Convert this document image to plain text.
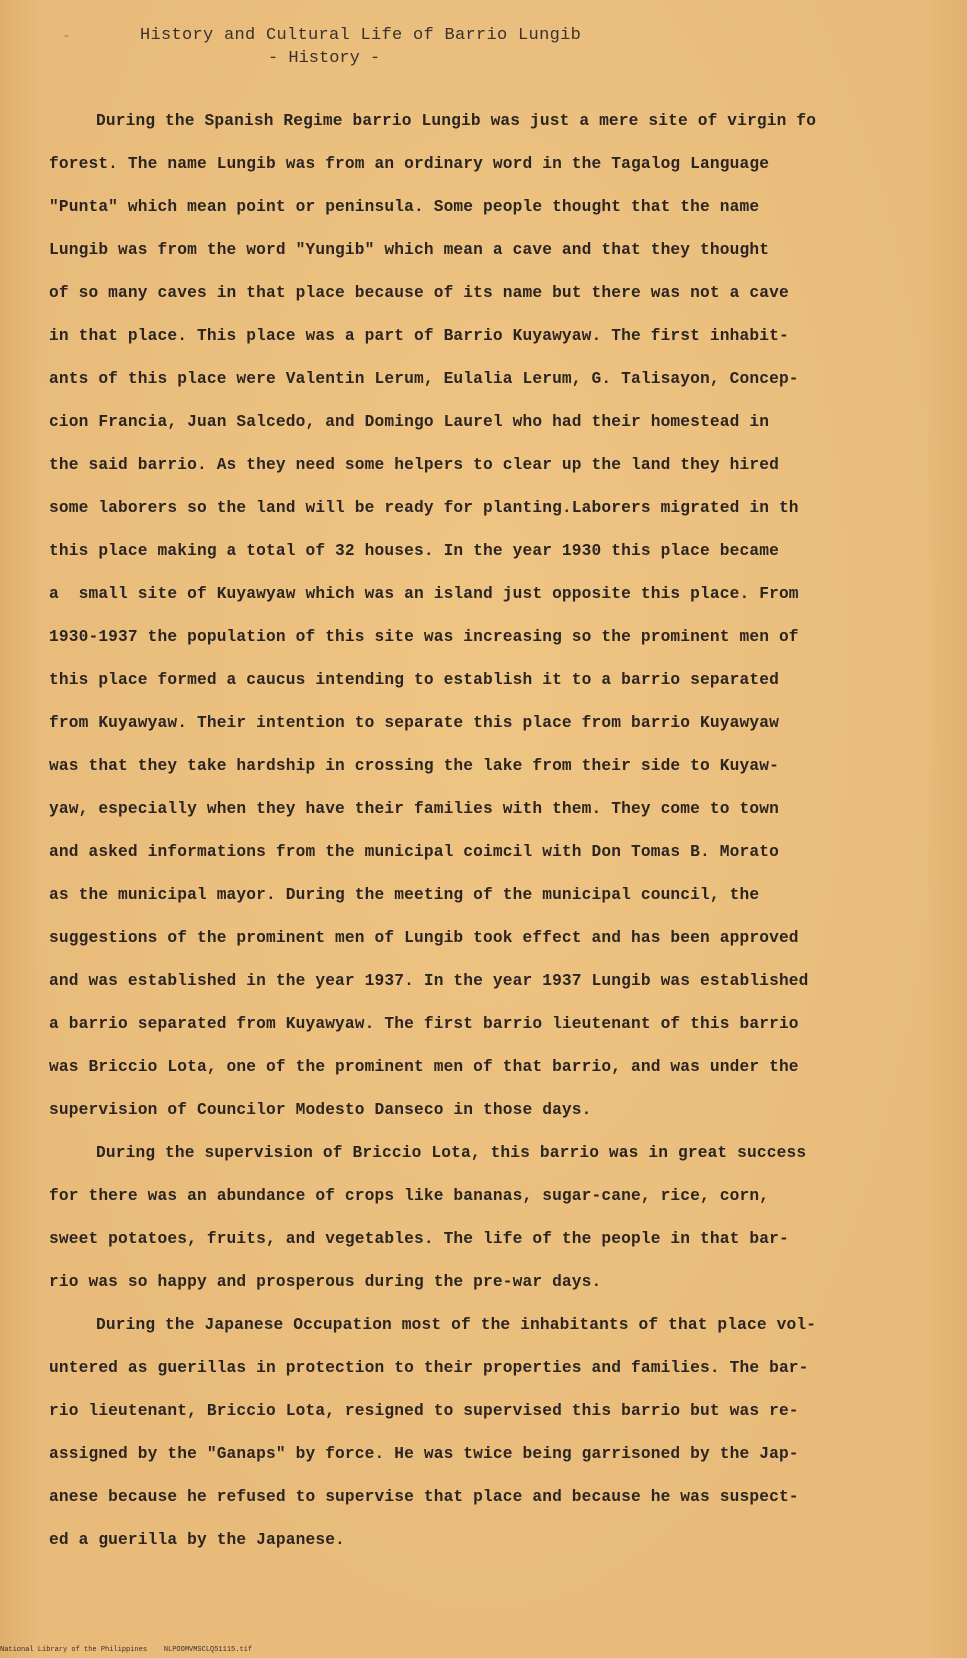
-	History and Cultural Life of Barrio Lungib
- History -
During the Spanish Regime barrio Lungib was just a mere site of virgin fo
forest. The name Lungib was from an ordinary word in the Tagalog Language
"Punta" which mean point or peninsula. Some people thought that the name
Lungib was from the word "Yungib" which mean a cave and that they thought
of so many caves in that place because of its name but there was not a cave
in that place. This place was a part of Barrio Kuyawyaw. The first inhabit-
ants of this place were Valentin Lerum, Eulalia Lerum, G. Talisayon, Concep-
cion Francia, Juan Salcedo, and Domingo Laurel who had their homestead in
the said barrio. As they need some helpers to clear up the land they hired
some laborers so the land will be ready for planting.Laborers migrated in th
this place making a total of 32 houses. In the year 1930 this place became
a  small site of Kuyawyaw which was an island just opposite this place. From
1930-1937 the population of this site was increasing so the prominent men of
this place formed a caucus intending to establish it to a barrio separated
from Kuyawyaw. Their intention to separate this place from barrio Kuyawyaw
was that they take hardship in crossing the lake from their side to Kuyaw-
yaw, especially when they have their families with them. They come to town
and asked informations from the municipal coimcil with Don Tomas B. Morato
as the municipal mayor. During the meeting of the municipal council, the
suggestions of the prominent men of Lungib took effect and has been approved
and was established in the year 1937. In the year 1937 Lungib was established
a barrio separated from Kuyawyaw. The first barrio lieutenant of this barrio
was Briccio Lota, one of the prominent men of that barrio, and was under the
supervision of Councilor Modesto Danseco in those days.
During the supervision of Briccio Lota, this barrio was in great success
for there was an abundance of crops like bananas, sugar-cane, rice, corn,
sweet potatoes, fruits, and vegetables. The life of the people in that bar-
rio was so happy and prosperous during the pre-war days.
During the Japanese Occupation most of the inhabitants of that place vol-
untered as guerillas in protection to their properties and families. The bar-
rio lieutenant, Briccio Lota, resigned to supervised this barrio but was re-
assigned by the "Ganaps" by force. He was twice being garrisoned by the Jap-
anese because he refused to supervise that place and because he was suspect-
ed a guerilla by the Japanese.
National Library of the Philippines    NLPOOMVMSCLQ51115.tif
